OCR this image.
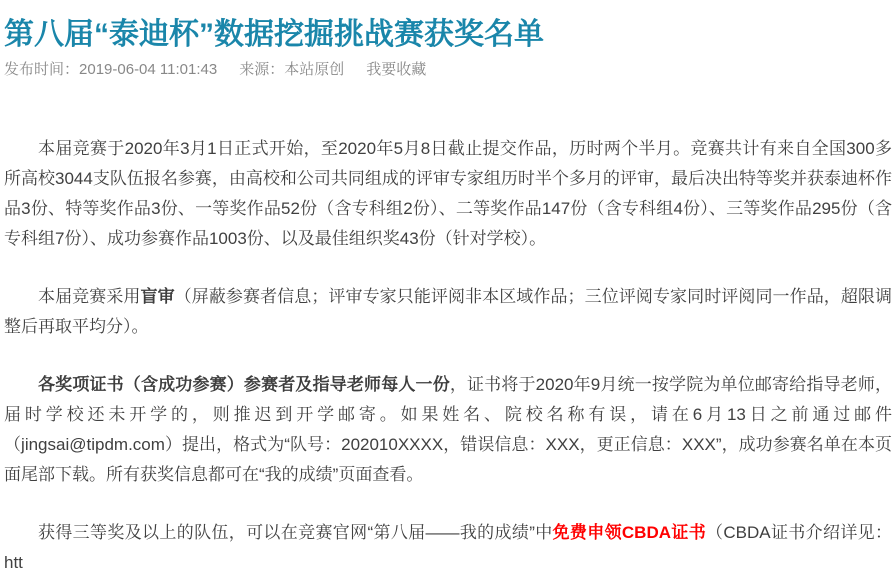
第八届“泰迪杯”数据挖掘挑战赛获奖名单
发布时间：2019-06-04 11:01:43 来源：本站原创 我要收藏

本届竞赛于2020年3月1日正式开始，至2020年5月8日截止提交作品，历时两个半月。竞赛共计有来自全国300多所高校3044支队伍报名参赛，由高校和公司共同组成的评审专家组历时半个多月的评审，最后决出特等奖并获泰迪杯作品3份、特等奖作品3份、一等奖作品52份（含专科组2份）、二等奖作品147份（含专科组4份）、三等奖作品295份（含专科组7份）、成功参赛作品1003份、以及最佳组织奖43份（针对学校）。

本届竞赛采用盲审（屏蔽参赛者信息；评审专家只能评阅非本区域作品；三位评阅专家同时评阅同一作品，超限调整后再取平均分）。

各奖项证书（含成功参赛）参赛者及指导老师每人一份，证书将于2020年9月统一按学院为单位邮寄给指导老师，届时学校还未开学的，则推迟到开学邮寄。如果姓名、院校名称有误，请在6月13日之前通过邮件（jingsai@tipdm.com）提出，格式为“队号：202010XXXX，错误信息：XXX，更正信息：XXX”，成功参赛名单在本页面尾部下载。所有获奖信息都可在“我的成绩”页面查看。

获得三等奖及以上的队伍，可以在竞赛官网“第八届——我的成绩”中免费申领CBDA证书（CBDA证书介绍详见：htt
